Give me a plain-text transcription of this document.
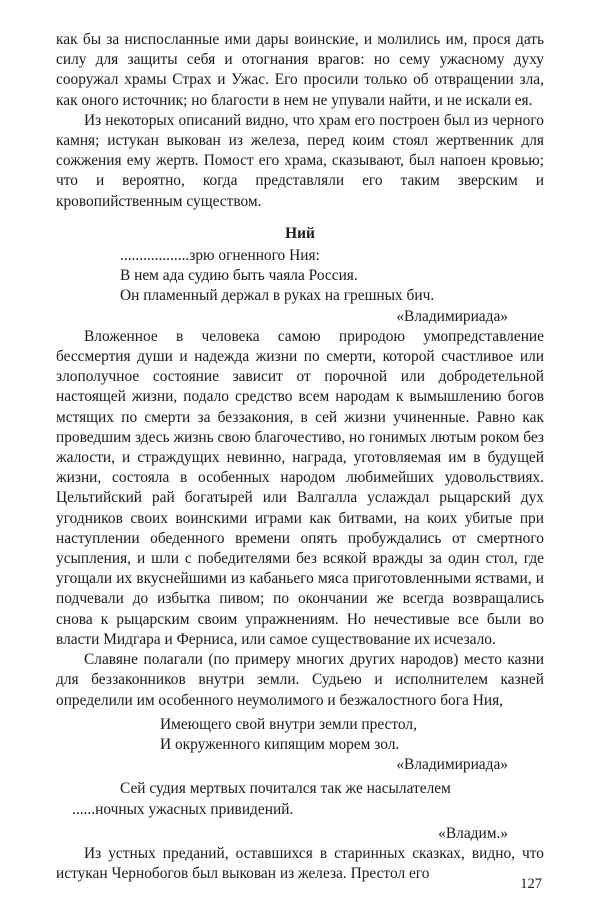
как бы за ниспосланные ими дары воинские, и молились им, прося дать силу для защиты себя и отогнания врагов: но сему ужасному духу сооружал храмы Страх и Ужас. Его просили только об отвращении зла, как оного источник; но благости в нем не упували найти, и не искали ея.

Из некоторых описаний видно, что храм его построен был из черного камня; истукан выкован из железа, перед коим стоял жертвенник для сожжения ему жертв. Помост его храма, сказывают, был напоен кровью; что и вероятно, когда представляли его таким зверским и кровопийственным существом.

Ний
..................зрю огненного Ния:
В нем ада судию быть чаяла Россия.
Он пламенный держал в руках на грешных бич.
«Владимириада»

Вложенное в человека самою природою умопредставление бессмертия души и надежда жизни по смерти, которой счастливое или злополучное состояние зависит от порочной или добродетельной настоящей жизни, подало средство всем народам к вымышлению богов мстящих по смерти за беззакония, в сей жизни учиненные. Равно как проведшим здесь жизнь свою благочестиво, но гонимых лютым роком без жалости, и страждущих невинно, награда, уготовляемая им в будущей жизни, состояла в особенных народом любимейших удовольствиях. Цельтийский рай богатырей или Валгалла услаждал рыцарский дух угодников своих воинскими играми как битвами, на коих убитые при наступлении обеденного времени опять пробуждались от смертного усыпления, и шли с победителями без всякой вражды за один стол, где угощали их вкуснейшими из кабаньего мяса приготовленными яствами, и подчевали до избытка пивом; по окончании же всегда возвращались снова к рыцарским своим упражнениям. Но нечестивые все были во власти Мидгара и Ферниса, или самое существование их исчезало.

Славяне полагали (по примеру многих других народов) место казни для беззаконников внутри земли. Судьею и исполнителем казней определили им особенного неумолимого и безжалостного бога Ния,

Имеющего свой внутри земли престол,
И окруженного кипящим морем зол.
«Владимириада»
Сей судия мертвых почитался так же насылателем
......ночных ужасных привидений.
«Владим.»

Из устных преданий, оставшихся в старинных сказках, видно, что истукан Чернобогов был выкован из железа. Престол его

127
